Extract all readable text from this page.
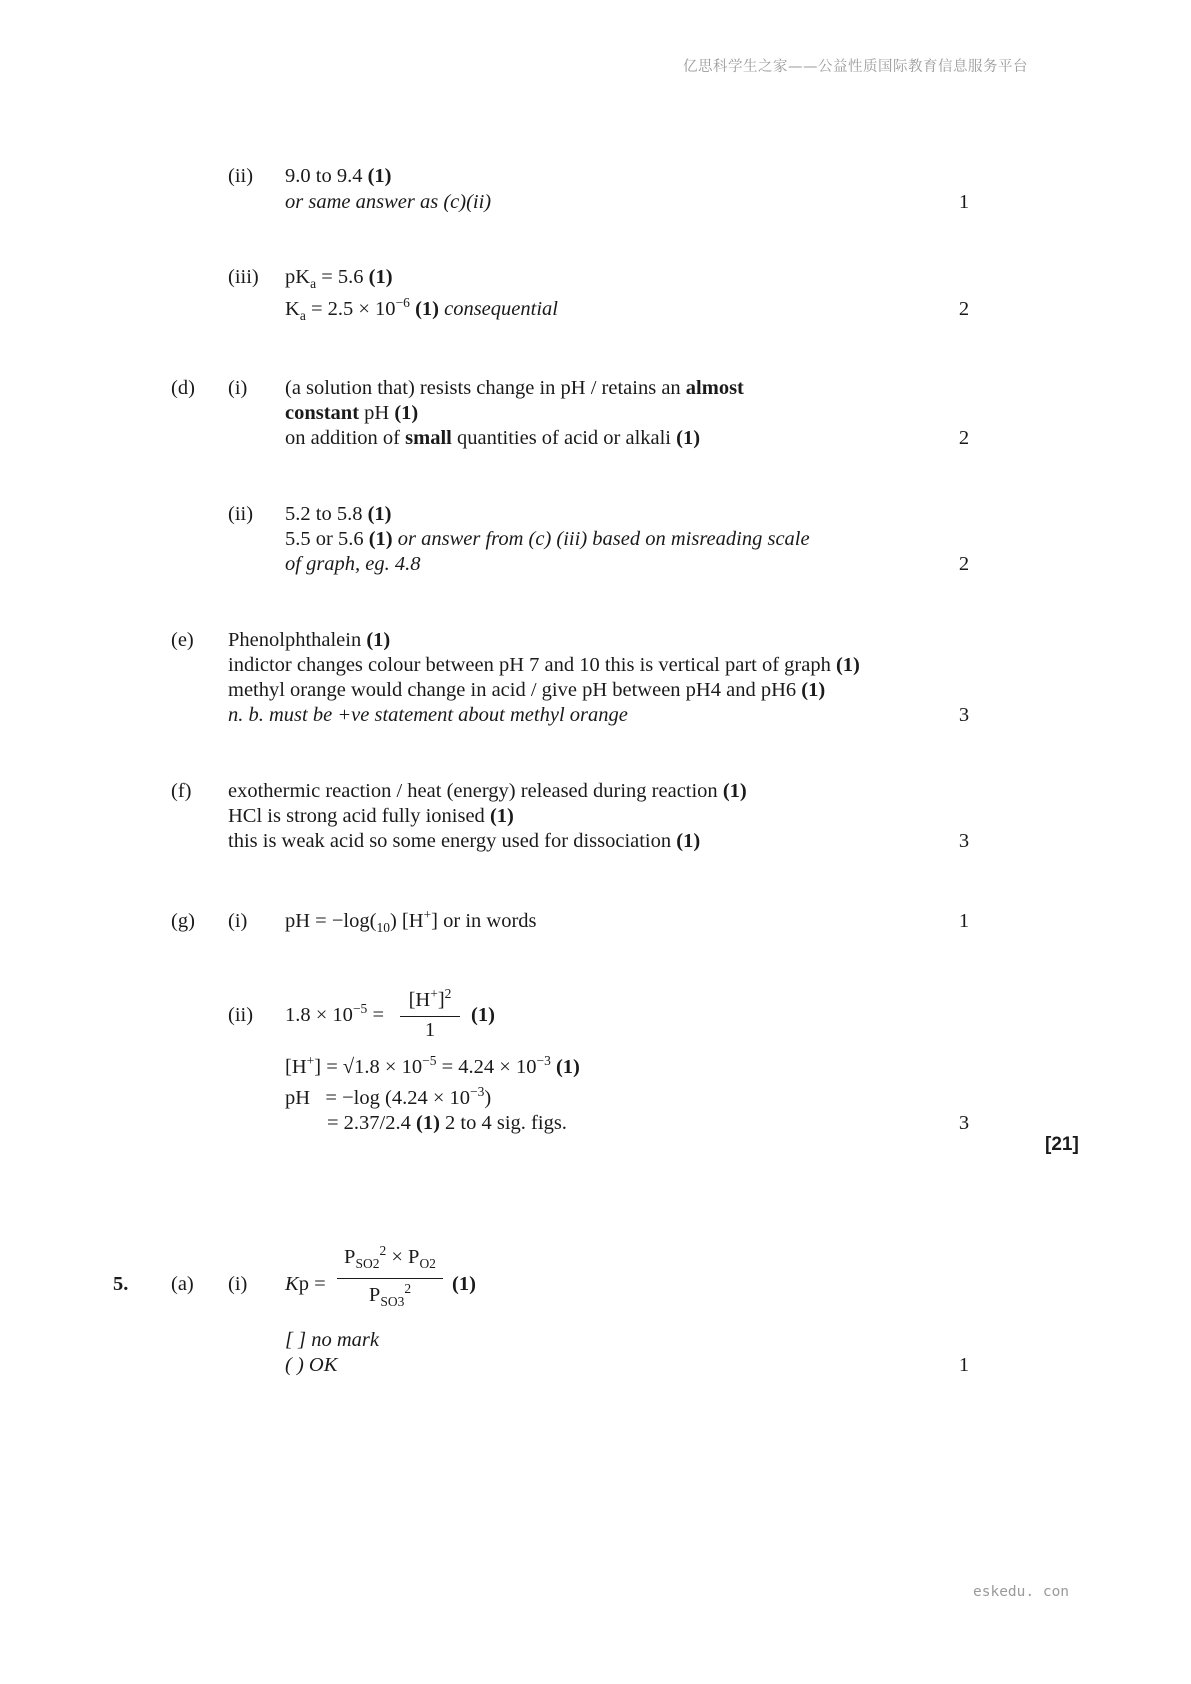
亿思科学生之家——公益性质国际教育信息服务平台
eskedu. con
(ii) 9.0 to 9.4 (1)
or same answer as (c)(ii)	1
(iii) $pK_a = 5.6$ (1)
$K_a = 2.5 \times 10^{-6}$ (1) consequential	2
(d) (i) (a solution that) resists change in pH / retains an almost
constant pH (1)
on addition of small quantities of acid or alkali (1)	2
(ii) 5.2 to 5.8 (1)
5.5 or 5.6 (1) or answer from (c) (iii) based on misreading scale
of graph, eg. 4.8	2
(e) Phenolphthalein (1)
indictor changes colour between pH 7 and 10 this is vertical part of graph (1)
methyl orange would change in acid / give pH between pH4 and pH6 (1)
n. b. must be +ve statement about methyl orange	3
(f) exothermic reaction / heat (energy) released during reaction (1)
HCl is strong acid fully ionised (1)
this is weak acid so some energy used for dissociation (1)	3
(g) (i) pH = $-\log(_{10})$ [H+] or in words	1
(ii) $1.8 \times 10^{-5}$ =
$[H^+]^2$
1
(1)
$[H^+] = √1.8 \times 10^{-5} = 4.24 \times 10^{-3}$ (1)
pH   = −log $(4.24 \times 10^{-3})$
= 2.37/2.4 (1) 2 to 4 sig. figs.	3
[21]
5. (a) (i) Kp =
$P_{SO2}^2 \times P_{O2}$
$P_{SO3}^2$	(1)
[ ] no mark
( ) OK	1
